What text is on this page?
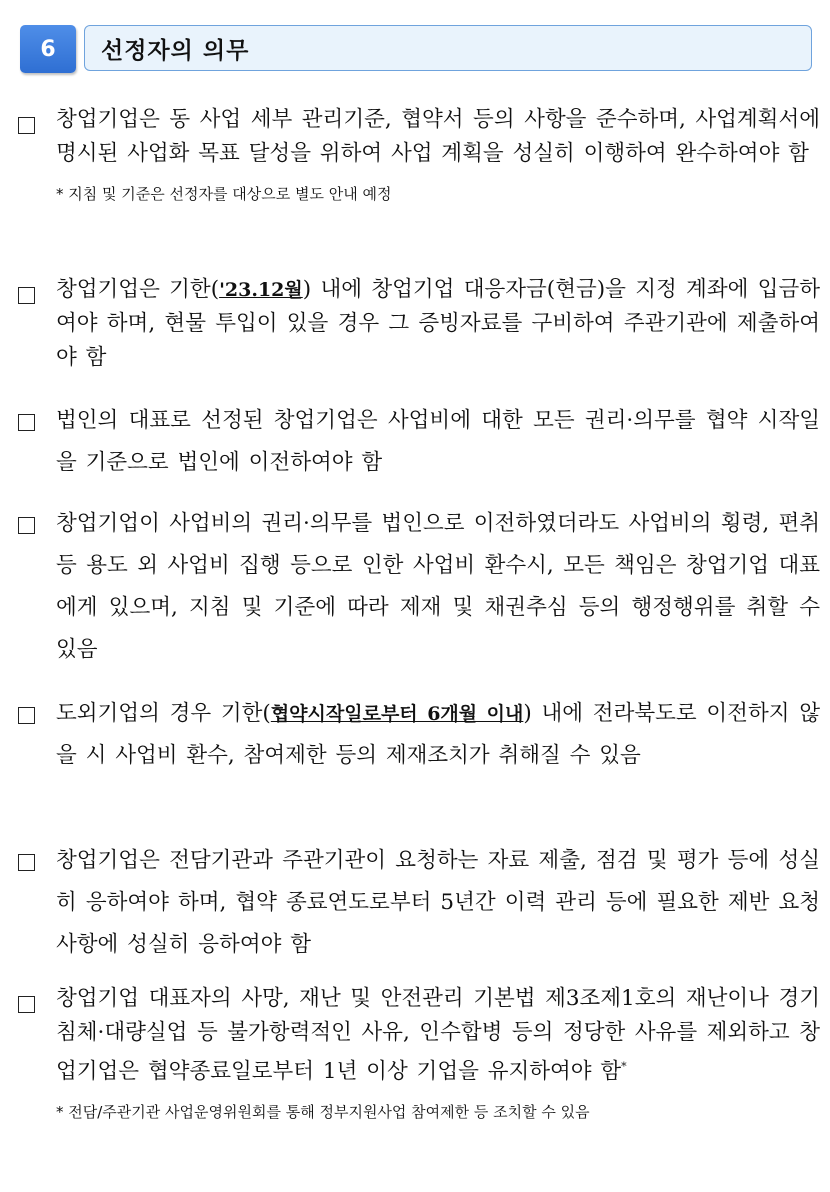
6	선정자의 의무
창업기업은 동 사업 세부 관리기준, 협약서 등의 사항을 준수하며, 사업계획서에 명시된 사업화 목표 달성을 위하여 사업 계획을 성실히 이행하여 완수하여야 함
* 지침 및 기준은 선정자를 대상으로 별도 안내 예정
창업기업은 기한('23.12월) 내에 창업기업 대응자금(현금)을 지정 계좌에 입금하여야 하며, 현물 투입이 있을 경우 그 증빙자료를 구비하여 주관기관에 제출하여야 함
법인의 대표로 선정된 창업기업은 사업비에 대한 모든 권리·의무를 협약 시작일을 기준으로 법인에 이전하여야 함
창업기업이 사업비의 권리·의무를 법인으로 이전하였더라도 사업비의 횡령, 편취 등 용도 외 사업비 집행 등으로 인한 사업비 환수시, 모든 책임은 창업기업 대표에게 있으며, 지침 및 기준에 따라 제재 및 채권추심 등의 행정행위를 취할 수 있음
도외기업의 경우 기한(협약시작일로부터 6개월 이내) 내에 전라북도로 이전하지 않을 시 사업비 환수, 참여제한 등의 제재조치가 취해질 수 있음
창업기업은 전담기관과 주관기관이 요청하는 자료 제출, 점검 및 평가 등에 성실히 응하여야 하며, 협약 종료연도로부터 5년간 이력 관리 등에 필요한 제반 요청사항에 성실히 응하여야 함
창업기업 대표자의 사망, 재난 및 안전관리 기본법 제3조제1호의 재난이나 경기침체·대량실업 등 불가항력적인 사유, 인수합병 등의 정당한 사유를 제외하고 창업기업은 협약종료일로부터 1년 이상 기업을 유지하여야 함*
* 전담/주관기관 사업운영위원회를 통해 정부지원사업 참여제한 등 조치할 수 있음
